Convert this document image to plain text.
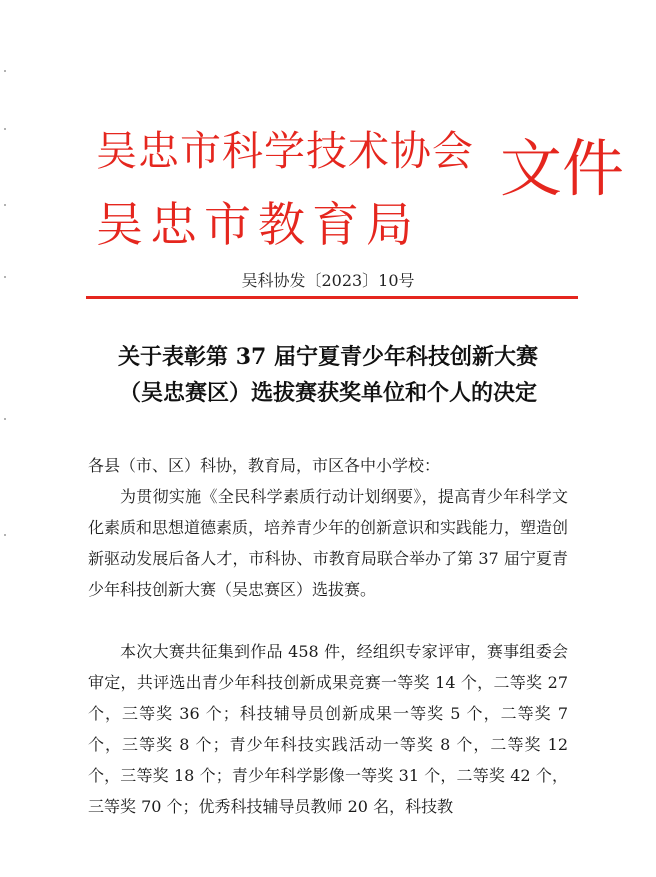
吴忠市科学技术协会
吴忠市教育局
文件
吴科协发〔2023〕10号
关于表彰第 37 届宁夏青少年科技创新大赛
（吴忠赛区）选拔赛获奖单位和个人的决定

各县（市、区）科协，教育局，市区各中小学校：

为贯彻实施《全民科学素质行动计划纲要》，提高青少年科学文化素质和思想道德素质，培养青少年的创新意识和实践能力，塑造创新驱动发展后备人才，市科协、市教育局联合举办了第 37 届宁夏青少年科技创新大赛（吴忠赛区）选拔赛。

本次大赛共征集到作品 458 件，经组织专家评审，赛事组委会审定，共评选出青少年科技创新成果竞赛一等奖 14 个，二等奖 27 个，三等奖 36 个；科技辅导员创新成果一等奖 5 个，二等奖 7 个，三等奖 8 个；青少年科技实践活动一等奖 8 个，二等奖 12 个，三等奖 18 个；青少年科学影像一等奖 31 个，二等奖 42 个，三等奖 70 个；优秀科技辅导员教师 20 名，科技教
